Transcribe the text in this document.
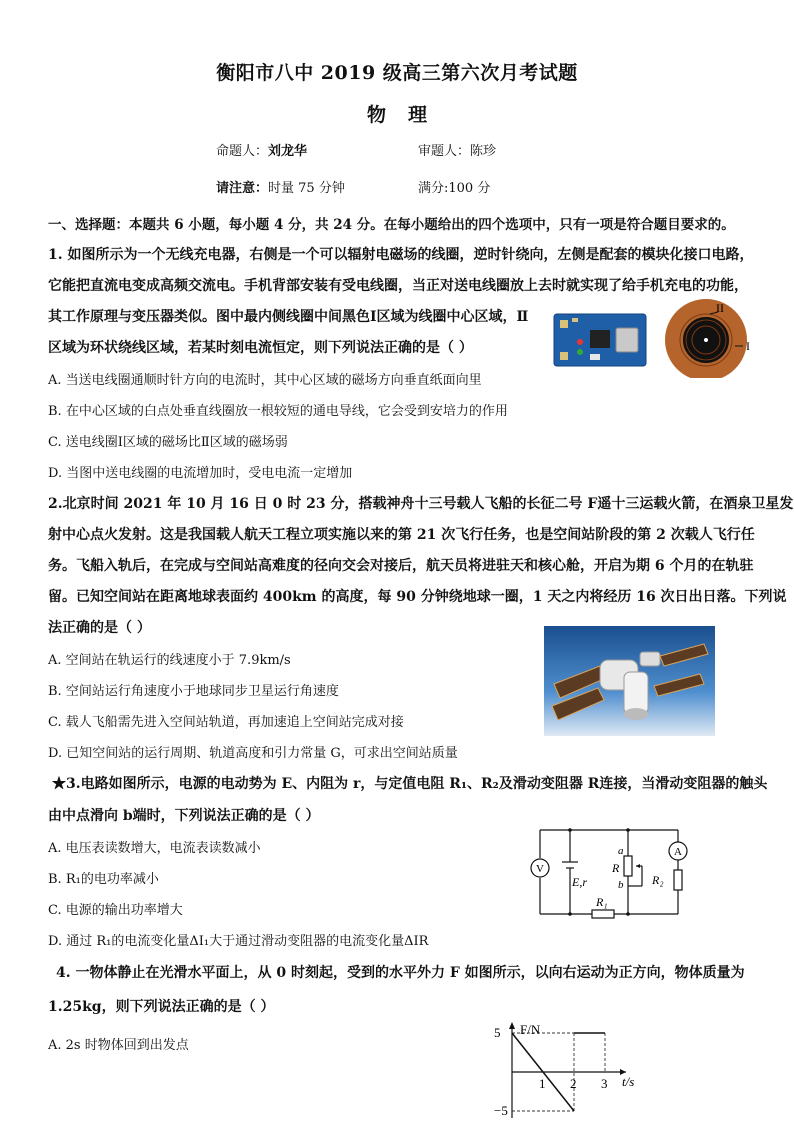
衡阳市八中 2019 级高三第六次月考试题
物理
命题人：刘龙华	审题人：陈珍
请注意：时量 75 分钟	满分:100 分
一、选择题：本题共 6 小题，每小题 4 分，共 24 分。在每小题给出的四个选项中，只有一项是符合题目要求的。
1. 如图所示为一个无线充电器，右侧是一个可以辐射电磁场的线圈，逆时针绕向，左侧是配套的模块化接口电路，
它能把直流电变成高频交流电。手机背部安装有受电线圈，当正对送电线圈放上去时就实现了给手机充电的功能，
其工作原理与变压器类似。图中最内侧线圈中间黑色Ⅰ区域为线圈中心区域，Ⅱ
区域为环状绕线区域，若某时刻电流恒定，则下列说法正确的是（ ）
A. 当送电线圈通顺时针方向的电流时，其中心区域的磁场方向垂直纸面向里
B. 在中心区域的白点处垂直线圈放一根较短的通电导线，它会受到安培力的作用
C. 送电线圈Ⅰ区域的磁场比Ⅱ区域的磁场弱
D. 当图中送电线圈的电流增加时，受电电流一定增加
II
I
2.北京时间 2021 年 10 月 16 日 0 时 23 分，搭载神舟十三号载人飞船的长征二号 F遥十三运载火箭，在酒泉卫星发
射中心点火发射。这是我国载人航天工程立项实施以来的第 21 次飞行任务，也是空间站阶段的第 2 次载人飞行任
务。飞船入轨后，在完成与空间站高难度的径向交会对接后，航天员将进驻天和核心舱，开启为期 6 个月的在轨驻
留。已知空间站在距离地球表面约 400km 的高度，每 90 分钟绕地球一圈，1 天之内将经历 16 次日出日落。下列说
法正确的是（ ）
A. 空间站在轨运行的线速度小于 7.9km/s
B. 空间站运行角速度小于地球同步卫星运行角速度
C. 载人飞船需先进入空间站轨道，再加速追上空间站完成对接
D. 已知空间站的运行周期、轨道高度和引力常量 G，可求出空间站质量
★3.电路如图所示，电源的电动势为 E、内阻为 r，与定值电阻 R₁、R₂及滑动变阻器 R连接，当滑动变阻器的触头
由中点滑向 b端时，下列说法正确的是（ ）
A. 电压表读数增大，电流表读数减小
B. R₁的电功率减小
C. 电源的输出功率增大
D. 通过 R₁的电流变化量ΔI₁大于通过滑动变阻器的电流变化量ΔIR
V
A
a
b
R
R₂
R₁
E,r
4. 一物体静止在光滑水平面上，从 0 时刻起，受到的水平外力 F 如图所示，以向右运动为正方向，物体质量为
1.25kg，则下列说法正确的是（ ）
A. 2s 时物体回到出发点
F/N
t/s
1 2 3
5
−5
